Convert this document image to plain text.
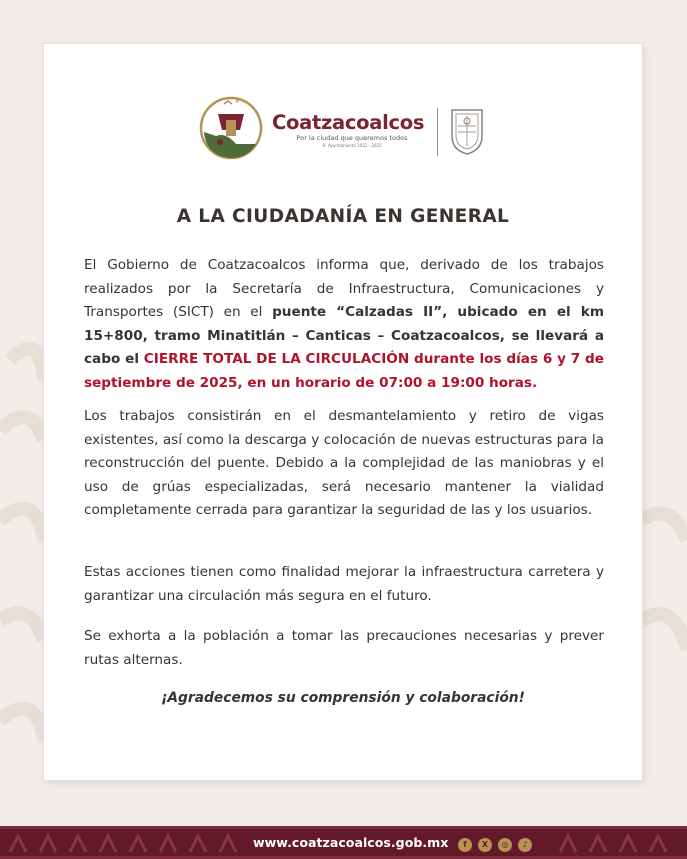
Coatzacoalcos
Por la ciudad que queremos todos
H. Ayuntamiento 2022 - 2025
A LA CIUDADANÍA EN GENERAL

El Gobierno de Coatzacoalcos informa que, derivado de los trabajos realizados por la Secretaría de Infraestructura, Comunicaciones y Transportes (SICT) en el puente “Calzadas II”, ubicado en el km 15+800, tramo Minatitlán – Canticas – Coatzacoalcos, se llevará a cabo el CIERRE TOTAL DE LA CIRCULACIÓN durante los días 6 y 7 de septiembre de 2025, en un horario de 07:00 a 19:00 horas.

Los trabajos consistirán en el desmantelamiento y retiro de vigas existentes, así como la descarga y colocación de nuevas estructuras para la reconstrucción del puente. Debido a la complejidad de las maniobras y el uso de grúas especializadas, será necesario mantener la vialidad completamente cerrada para garantizar la seguridad de las y los usuarios.

Estas acciones tienen como finalidad mejorar la infraestructura carretera y garantizar una circulación más segura en el futuro.

Se exhorta a la población a tomar las precauciones necesarias y prever rutas alternas.

¡Agradecemos su comprensión y colaboración!
www.coatzacoalcos.gob.mx	f	X	◎	♪
